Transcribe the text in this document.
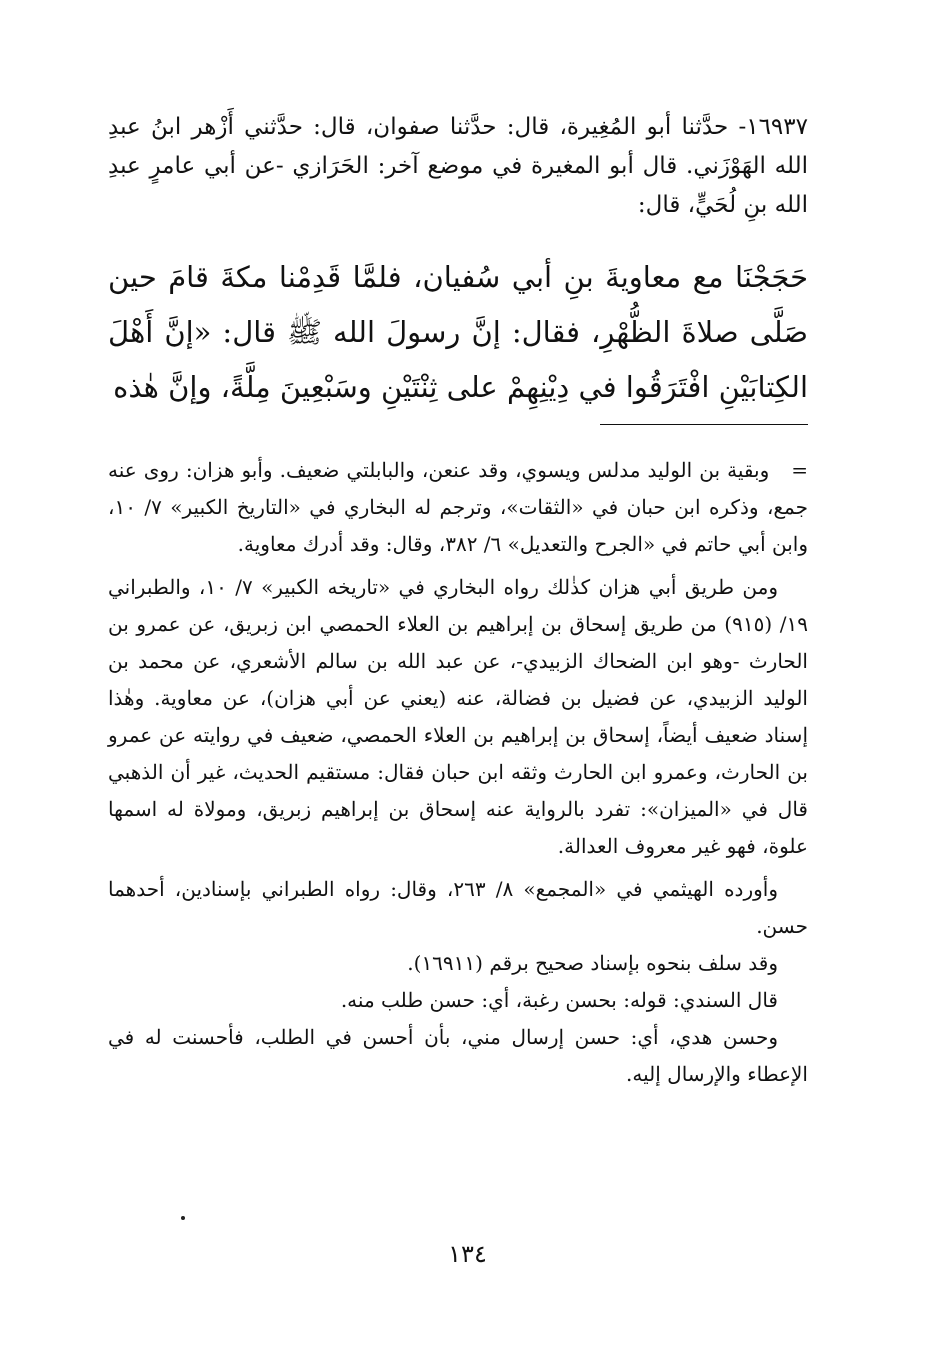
١٦٩٣٧- حدَّثنا أبو المُغِيرة، قال: حدَّثنا صفوان، قال: حدَّثني أَزْهر ابنُ عبدِ الله الهَوْزَني. قال أبو المغيرة في موضع آخر: الحَرَازي -عن أبي عامرٍ عبدِ الله بنِ لُحَيٍّ، قال:
حَجَجْنَا مع معاويةَ بنِ أبي سُفيان، فلمَّا قَدِمْنا مكةَ قامَ حين صَلَّى صلاةَ الظُّهْرِ، فقال: إنَّ رسولَ الله ﷺ قال: «إنَّ أَهْلَ الكِتابَيْنِ افْتَرَقُوا في دِيْنِهِمْ على ثِنْتَيْنِ وسَبْعِينَ مِلَّةً، وإنَّ هٰذه

=وبقية بن الوليد مدلس ويسوي، وقد عنعن، والبابلتي ضعيف. وأبو هزان: روى عنه جمع، وذكره ابن حبان في «الثقات»، وترجم له البخاري في «التاريخ الكبير» ٧/ ١٠، وابن أبي حاتم في «الجرح والتعديل» ٦/ ٣٨٢، وقال: وقد أدرك معاوية.

ومن طريق أبي هزان كذٰلك رواه البخاري في «تاريخه الكبير» ٧/ ١٠، والطبراني ١٩/ (٩١٥) من طريق إسحاق بن إبراهيم بن العلاء الحمصي ابن زبريق، عن عمرو بن الحارث -وهو ابن الضحاك الزبيدي-، عن عبد الله بن سالم الأشعري، عن محمد بن الوليد الزبيدي، عن فضيل بن فضالة، عنه (يعني عن أبي هزان)، عن معاوية. وهٰذا إسناد ضعيف أيضاً، إسحاق بن إبراهيم بن العلاء الحمصي، ضعيف في روايته عن عمرو بن الحارث، وعمرو ابن الحارث وثقه ابن حبان فقال: مستقيم الحديث، غير أن الذهبي قال في «الميزان»: تفرد بالرواية عنه إسحاق بن إبراهيم زبريق، ومولاة له اسمها علوة، فهو غير معروف العدالة.

وأورده الهيثمي في «المجمع» ٨/ ٢٦٣، وقال: رواه الطبراني بإسنادين، أحدهما حسن.

وقد سلف بنحوه بإسناد صحيح برقم (١٦٩١١).

قال السندي: قوله: بحسن رغبة، أي: حسن طلب منه.

وحسن هدي، أي: حسن إرسال مني، بأن أحسن في الطلب، فأحسنت له في الإعطاء والإرسال إليه.

١٣٤
